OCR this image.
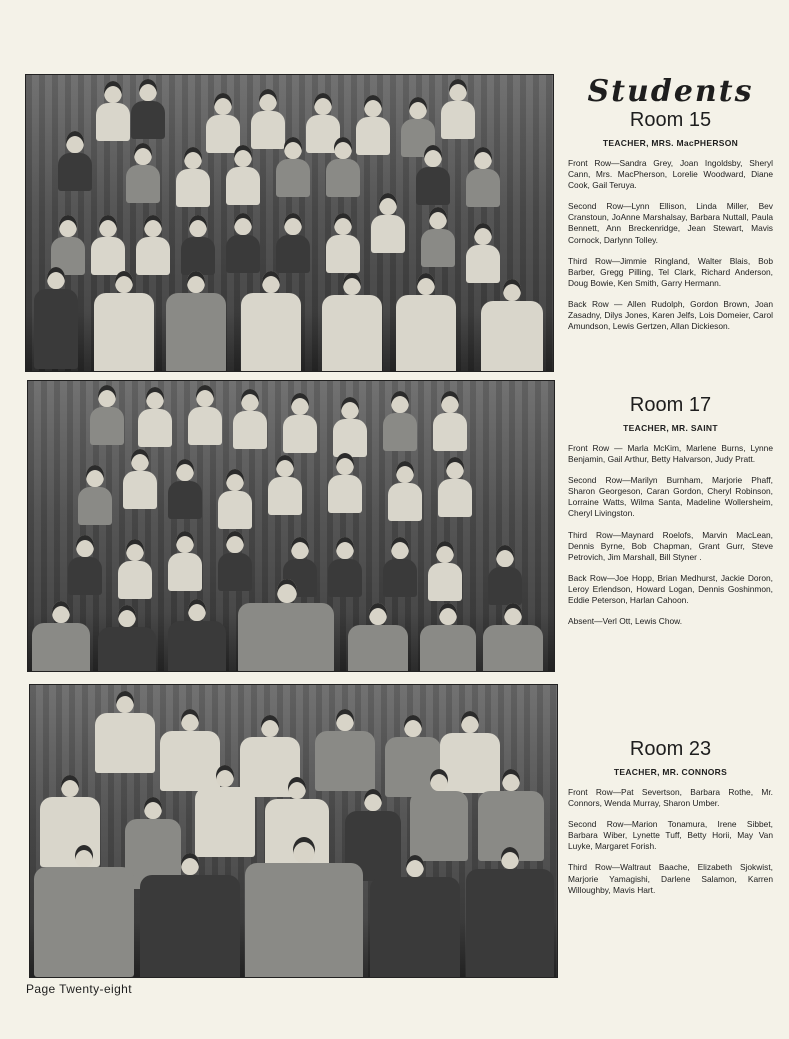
Students
Room 15
TEACHER, MRS. MacPHERSON

Front Row—Sandra Grey, Joan Ingoldsby, Sheryl Cann, Mrs. MacPherson, Lorelie Woodward, Diane Cook, Gail Teruya.

Second Row—Lynn Ellison, Linda Miller, Bev Cranstoun, JoAnne Marshalsay, Barbara Nuttall, Paula Bennett, Ann Breckenridge, Jean Stewart, Mavis Cornock, Darlynn Tolley.

Third Row—Jimmie Ringland, Walter Blais, Bob Barber, Gregg Pilling, Tel Clark, Richard Anderson, Doug Bowie, Ken Smith, Garry Hermann.

Back Row — Allen Rudolph, Gordon Brown, Joan Zasadny, Dilys Jones, Karen Jelfs, Lois Domeier, Carol Amundson, Lewis Gertzen, Allan Dickieson.

Room 17
TEACHER, MR. SAINT

Front Row — Marla McKim, Marlene Burns, Lynne Benjamin, Gail Arthur, Betty Halvarson, Judy Pratt.

Second Row—Marilyn Burnham, Marjorie Phaff, Sharon Georgeson, Caran Gordon, Cheryl Robinson, Lorraine Watts, Wilma Santa, Madeline Wollersheim, Cheryl Livingston.

Third Row—Maynard Roelofs, Marvin MacLean, Dennis Byrne, Bob Chapman, Grant Gurr, Steve Petrovich, Jim Marshall, Bill Styner .

Back Row—Joe Hopp, Brian Medhurst, Jackie Doron, Leroy Erlendson, Howard Logan, Dennis Goshinmon, Eddie Peterson, Harlan Cahoon.

Absent—Verl Ott, Lewis Chow.

Room 23
TEACHER, MR. CONNORS

Front Row—Pat Severtson, Barbara Rothe, Mr. Connors, Wenda Murray, Sharon Umber.

Second Row—Marion Tonamura, Irene Sibbet, Barbara Wiber, Lynette Tuff, Betty Horii, May Van Luyke, Margaret Forish.

Third Row—Waltraut Baache, Elizabeth Sjokwist, Marjorie Yamagishi, Darlene Salamon, Karren Willoughby, Mavis Hart.

Page Twenty-eight
